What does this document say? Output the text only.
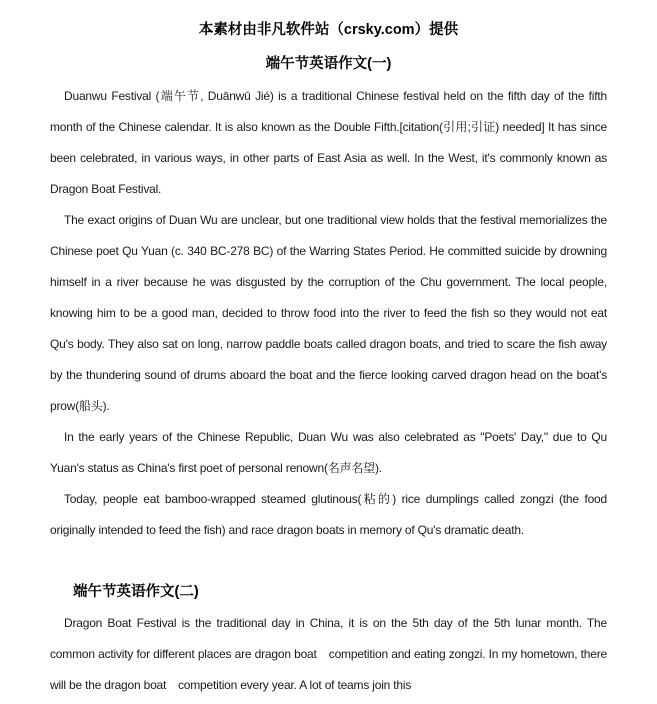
本素材由非凡软件站（crsky.com）提供

端午节英语作文(一)

Duanwu Festival (端午节, Duānwū Jié) is a traditional Chinese festival held on the fifth day of the fifth month of the Chinese calendar. It is also known as the Double Fifth.[citation(引用;引证) needed] It has since been celebrated, in various ways, in other parts of East Asia as well. In the West, it's commonly known as Dragon Boat Festival.

The exact origins of Duan Wu are unclear, but one traditional view holds that the festival memorializes the Chinese poet Qu Yuan (c. 340 BC-278 BC) of the Warring States Period. He committed suicide by drowning himself in a river because he was disgusted by the corruption of the Chu government. The local people, knowing him to be a good man, decided to throw food into the river to feed the fish so they would not eat Qu's body. They also sat on long, narrow paddle boats called dragon boats, and tried to scare the fish away by the thundering sound of drums aboard the boat and the fierce looking carved dragon head on the boat's prow(船头).

In the early years of the Chinese Republic, Duan Wu was also celebrated as "Poets' Day," due to Qu Yuan's status as China's first poet of personal renown(名声名望).

Today, people eat bamboo-wrapped steamed glutinous(粘的) rice dumplings called zongzi (the food originally intended to feed the fish) and race dragon boats in memory of Qu's dramatic death.

端午节英语作文(二)

Dragon Boat Festival is the traditional day in China, it is on the 5th day of the 5th lunar month. The common activity for different places are dragon boat　competition and eating zongzi. In my hometown, there will be the dragon boat　competition every year. A lot of teams join this
